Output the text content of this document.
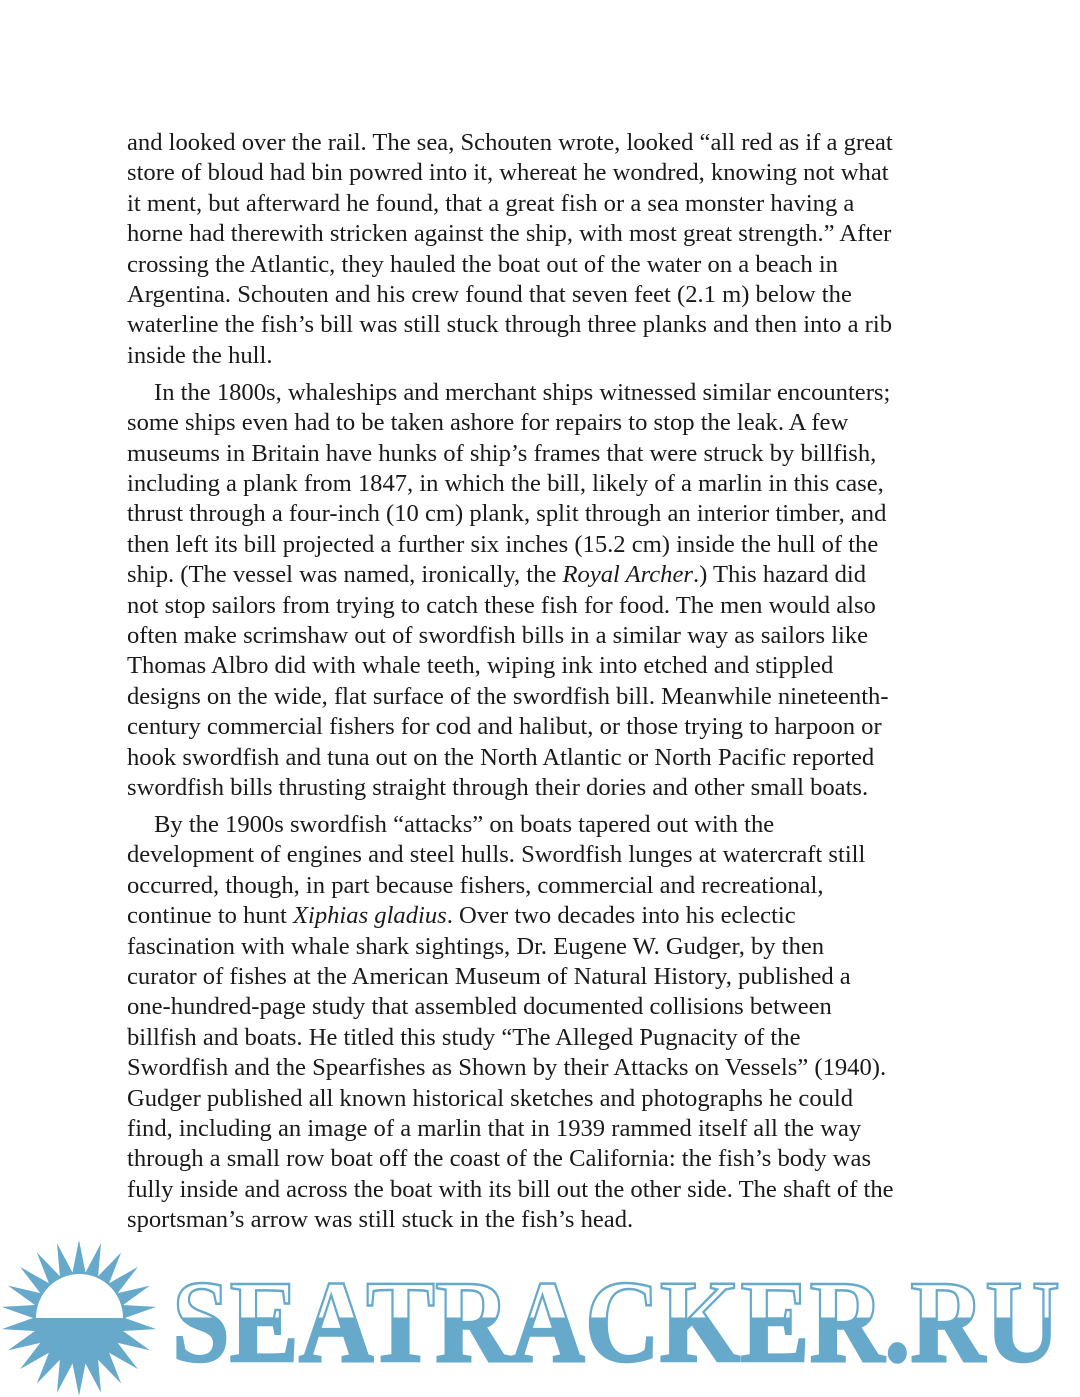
and looked over the rail. The sea, Schouten wrote, looked “all red as if a great
store of bloud had bin powred into it, whereat he wondred, knowing not what
it ment, but afterward he found, that a great fish or a sea monster having a
horne had therewith stricken against the ship, with most great strength.” After
crossing the Atlantic, they hauled the boat out of the water on a beach in
Argentina. Schouten and his crew found that seven feet (2.1 m) below the
waterline the fish’s bill was still stuck through three planks and then into a rib
inside the hull.
In the 1800s, whaleships and merchant ships witnessed similar encounters;
some ships even had to be taken ashore for repairs to stop the leak. A few
museums in Britain have hunks of ship’s frames that were struck by billfish,
including a plank from 1847, in which the bill, likely of a marlin in this case,
thrust through a four-inch (10 cm) plank, split through an interior timber, and
then left its bill projected a further six inches (15.2 cm) inside the hull of the
ship. (The vessel was named, ironically, the Royal Archer.) This hazard did
not stop sailors from trying to catch these fish for food. The men would also
often make scrimshaw out of swordfish bills in a similar way as sailors like
Thomas Albro did with whale teeth, wiping ink into etched and stippled
designs on the wide, flat surface of the swordfish bill. Meanwhile nineteenth-
century commercial fishers for cod and halibut, or those trying to harpoon or
hook swordfish and tuna out on the North Atlantic or North Pacific reported
swordfish bills thrusting straight through their dories and other small boats.
By the 1900s swordfish “attacks” on boats tapered out with the
development of engines and steel hulls. Swordfish lunges at watercraft still
occurred, though, in part because fishers, commercial and recreational,
continue to hunt Xiphias gladius. Over two decades into his eclectic
fascination with whale shark sightings, Dr. Eugene W. Gudger, by then
curator of fishes at the American Museum of Natural History, published a
one-hundred-page study that assembled documented collisions between
billfish and boats. He titled this study “The Alleged Pugnacity of the
Swordfish and the Spearfishes as Shown by their Attacks on Vessels” (1940).
Gudger published all known historical sketches and photographs he could
find, including an image of a marlin that in 1939 rammed itself all the way
through a small row boat off the coast of the California: the fish’s body was
fully inside and across the boat with its bill out the other side. The shaft of the
sportsman’s arrow was still stuck in the fish’s head.
SEATRACKER.RU
